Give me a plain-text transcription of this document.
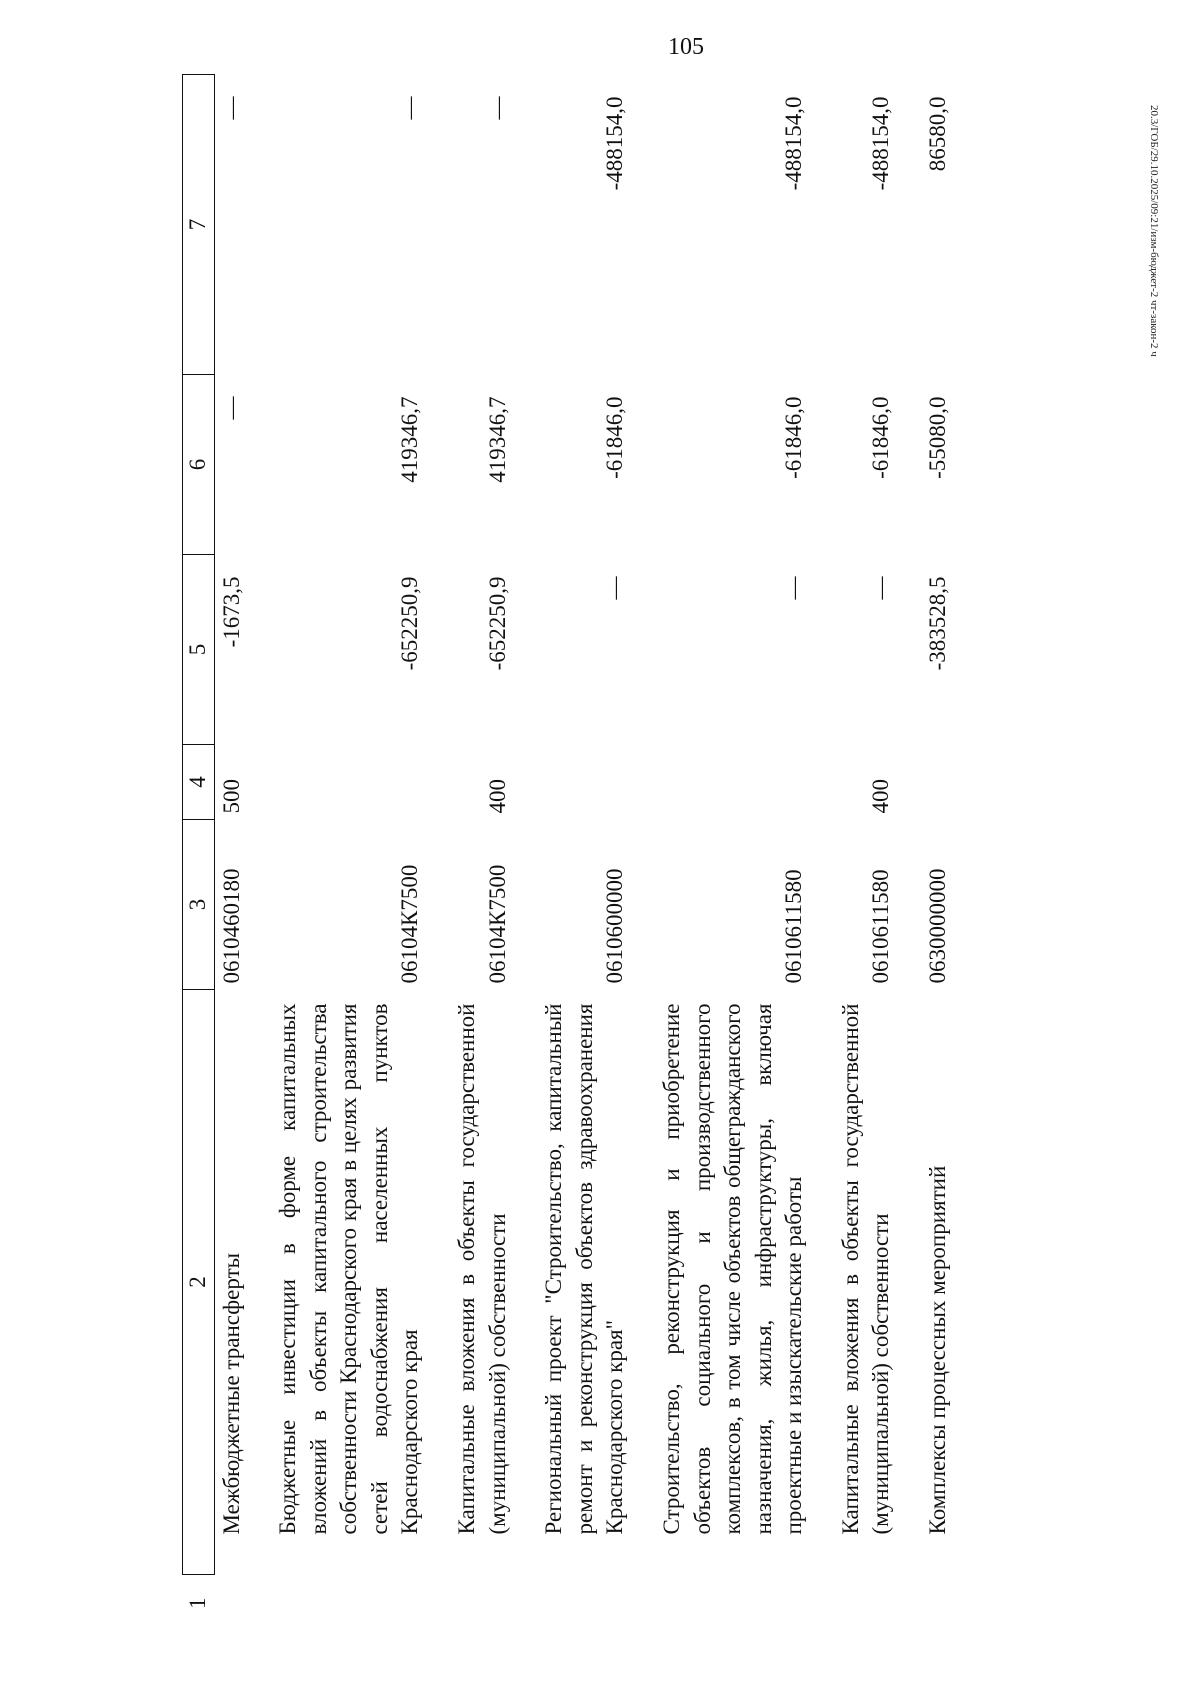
105
20.3/ГОБ/29.10.2025/09:21/изм-бюджет-2 чт-закон-2 ч
1
2	3	4	5	6	7
Межбюджетные трансферты	0610460180	500	-1673,5	—	—

Бюджетные инвестиции в форме капитальных вложений в объекты капитального строительства собственности Краснодарского края в целях развития сетей водоснабжения населенных пунктов Краснодарского края	06104К7500		-652250,9	419346,7	—

Капитальные вложения в объекты государственной (муниципальной) собственности	06104К7500	400	-652250,9	419346,7	—

Региональный проект "Строительство, капитальный ремонт и реконструкция объектов здравоохранения Краснодарского края"	0610600000		—	-61846,0	-488154,0

Строительство, реконструкция и приобретение объектов социального и производственного комплексов, в том числе объектов общегражданского назначения, жилья, инфраструктуры, включая проектные и изыскательские работы	0610611580		—	-61846,0	-488154,0

Капитальные вложения в объекты государственной (муниципальной) собственности	0610611580	400	—	-61846,0	-488154,0

Комплексы процессных мероприятий	0630000000		-383528,5	-55080,0	86580,0
